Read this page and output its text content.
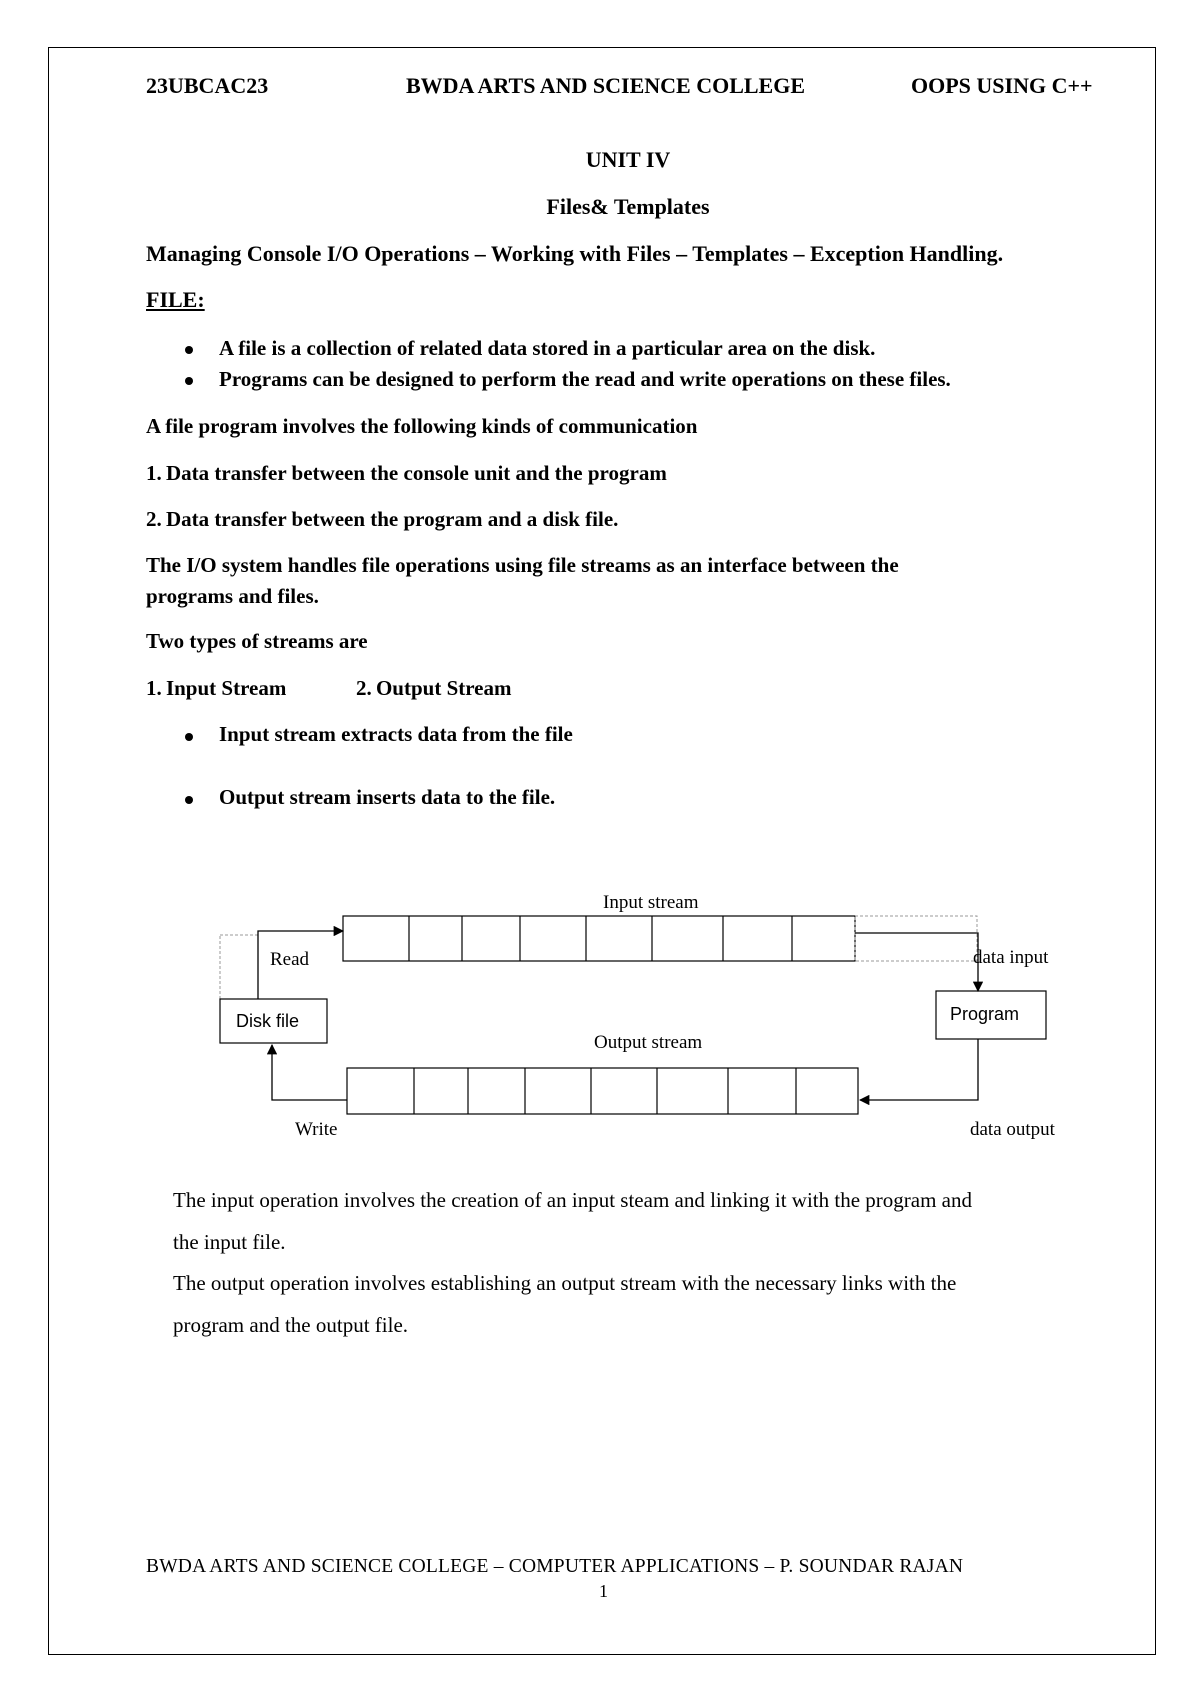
23UBCAC23	BWDA ARTS AND SCIENCE COLLEGE	OOPS USING C++
UNIT IV
Files& Templates
Managing Console I/O Operations – Working with Files – Templates – Exception Handling.
FILE:
A file is a collection of related data stored in a particular area on the disk.
Programs can be designed to perform the read and write operations on these files.
A file program involves the following kinds of communication
1. Data transfer between the console unit and the program
2. Data transfer between the program and a disk file.
The I/O system handles file operations using file streams as an interface between the
programs and files.
Two types of streams are
1. Input Stream	2. Output Stream
Input stream extracts data from the file
Output stream inserts data to the file.
Disk file	Program
Input stream
Output stream
Read
Write
data input
data output
The input operation involves the creation of an input steam and linking it with the program and
the input file.
The output operation involves establishing an output stream with the necessary links with the
program and the output file.
BWDA ARTS AND SCIENCE COLLEGE – COMPUTER APPLICATIONS – P. SOUNDAR RAJAN
1
